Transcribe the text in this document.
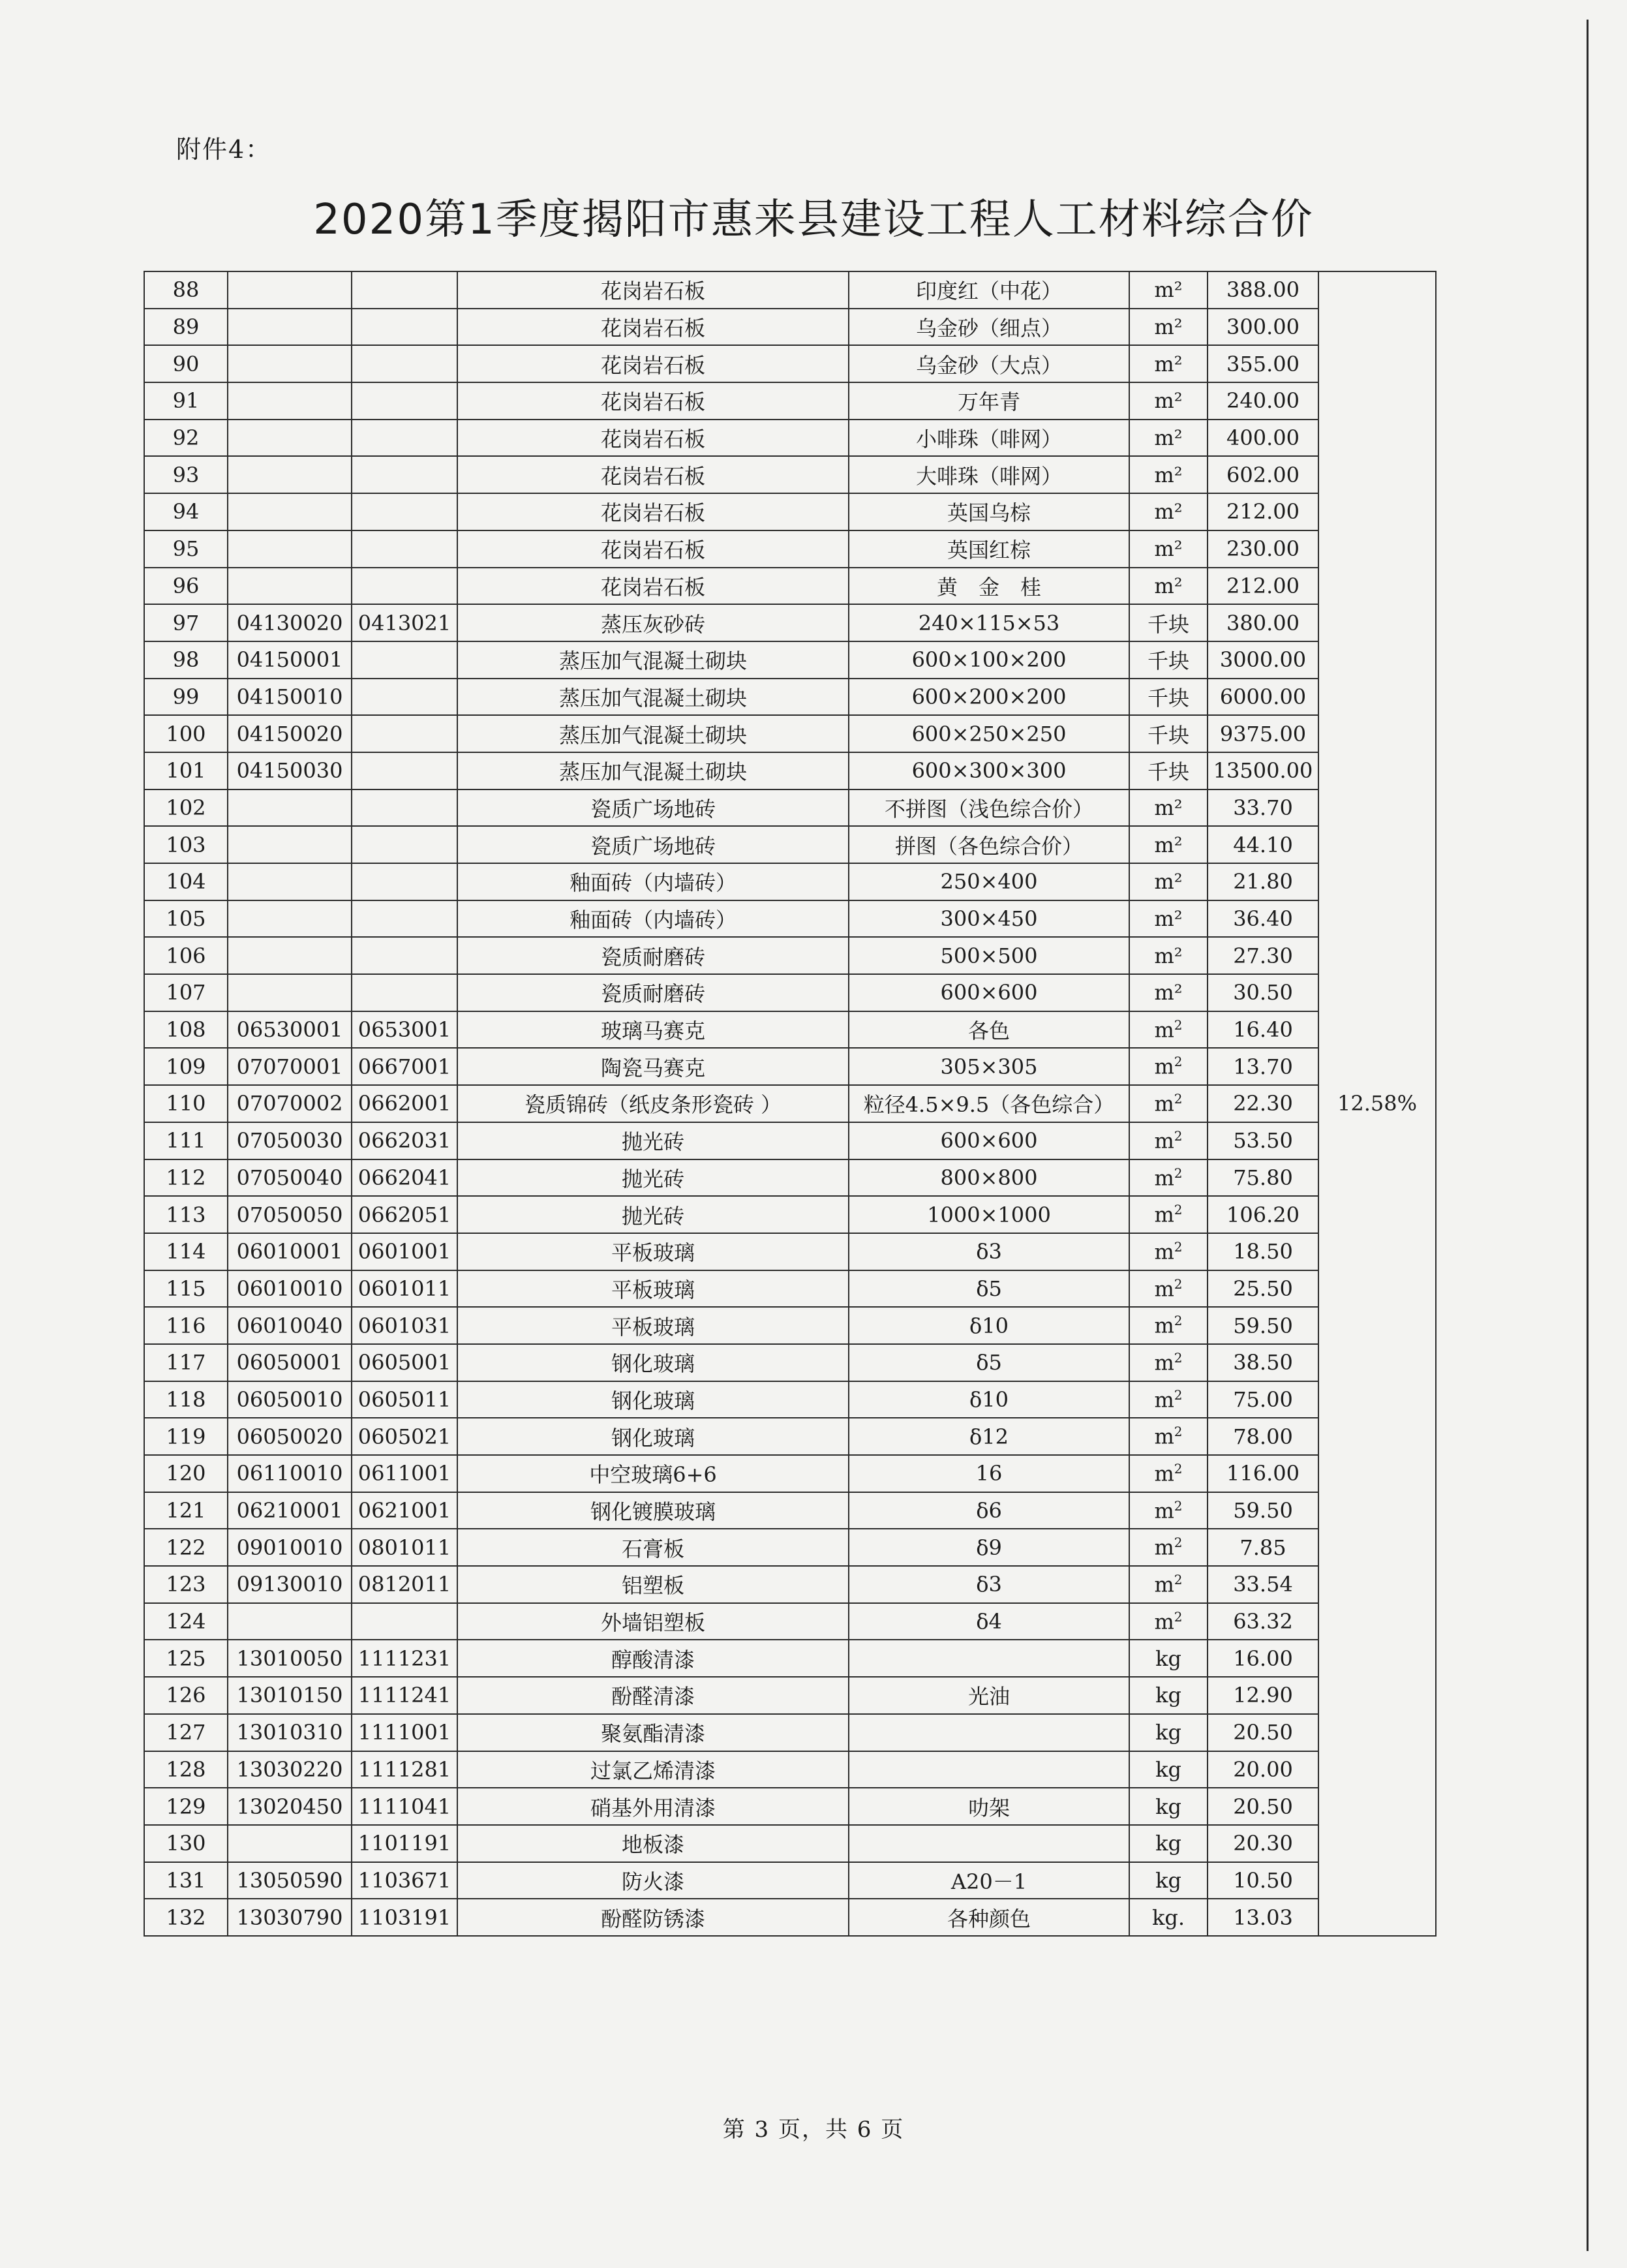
附件4：
2020第1季度揭阳市惠来县建设工程人工材料综合价
88			花岗岩石板	印度红（中花）	m²	388.00	12.58%
89			花岗岩石板	乌金砂（细点）	m²	300.00	
90			花岗岩石板	乌金砂（大点）	m²	355.00	
91			花岗岩石板	万年青	m²	240.00	
92			花岗岩石板	小啡珠（啡网）	m²	400.00	
93			花岗岩石板	大啡珠（啡网）	m²	602.00	
94			花岗岩石板	英国乌棕	m²	212.00	
95			花岗岩石板	英国红棕	m²	230.00	
96			花岗岩石板	黄　金　桂	m²	212.00	
97	04130020	0413021	蒸压灰砂砖	240×115×53	千块	380.00	
98	04150001		蒸压加气混凝土砌块	600×100×200	千块	3000.00	
99	04150010		蒸压加气混凝土砌块	600×200×200	千块	6000.00	
100	04150020		蒸压加气混凝土砌块	600×250×250	千块	9375.00	
101	04150030		蒸压加气混凝土砌块	600×300×300	千块	13500.00	
102			瓷质广场地砖	不拼图（浅色综合价）	m²	33.70	
103			瓷质广场地砖	拼图（各色综合价）	m²	44.10	
104			釉面砖（内墙砖）	250×400	m²	21.80	
105			釉面砖（内墙砖）	300×450	m²	36.40	
106			瓷质耐磨砖	500×500	m²	27.30	
107			瓷质耐磨砖	600×600	m²	30.50	
108	06530001	0653001	玻璃马赛克	各色	$m^2$	16.40	
109	07070001	0667001	陶瓷马赛克	305×305	$m^2$	13.70	
110	07070002	0662001	瓷质锦砖（纸皮条形瓷砖 ）	粒径4.5×9.5（各色综合）	$m^2$	22.30	
111	07050030	0662031	抛光砖	600×600	$m^2$	53.50	
112	07050040	0662041	抛光砖	800×800	$m^2$	75.80	
113	07050050	0662051	抛光砖	1000×1000	$m^2$	106.20	
114	06010001	0601001	平板玻璃	δ3	$m^2$	18.50	
115	06010010	0601011	平板玻璃	δ5	$m^2$	25.50	
116	06010040	0601031	平板玻璃	δ10	$m^2$	59.50	
117	06050001	0605001	钢化玻璃	δ5	$m^2$	38.50	
118	06050010	0605011	钢化玻璃	δ10	$m^2$	75.00	
119	06050020	0605021	钢化玻璃	δ12	$m^2$	78.00	
120	06110010	0611001	中空玻璃6+6	16	$m^2$	116.00	
121	06210001	0621001	钢化镀膜玻璃	δ6	$m^2$	59.50	
122	09010010	0801011	石膏板	δ9	$m^2$	7.85	
123	09130010	0812011	铝塑板	δ3	$m^2$	33.54	
124			外墙铝塑板	δ4	$m^2$	63.32	
125	13010050	1111231	醇酸清漆		kg	16.00	
126	13010150	1111241	酚醛清漆	光油	kg	12.90	
127	13010310	1111001	聚氨酯清漆		kg	20.50	
128	13030220	1111281	过氯乙烯清漆		kg	20.00	
129	13020450	1111041	硝基外用清漆	叻架	kg	20.50	
130		1101191	地板漆		kg	20.30	
131	13050590	1103671	防火漆	A20－1	kg	10.50	
132	13030790	1103191	酚醛防锈漆	各种颜色	kg.	13.03	
第 3 页，共 6 页
